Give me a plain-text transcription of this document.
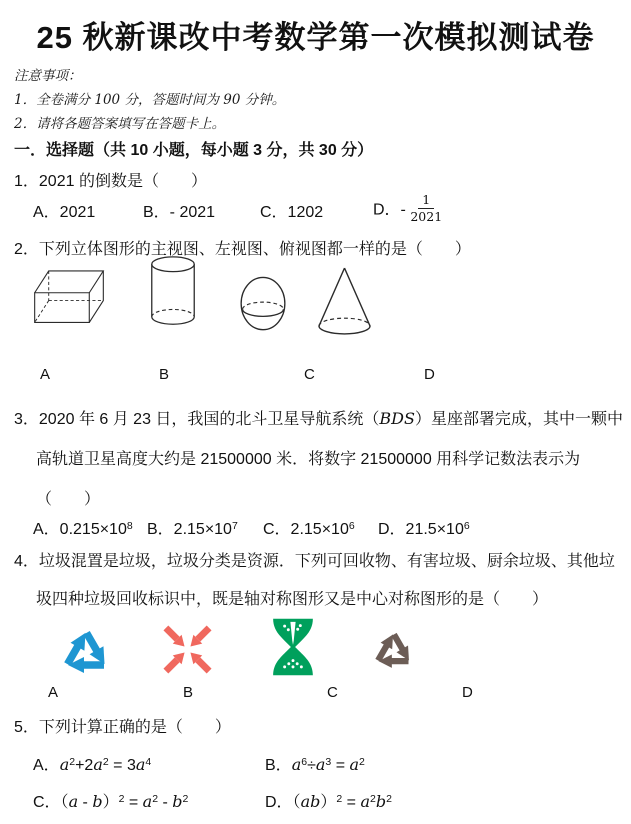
25 秋新课改中考数学第一次模拟测试卷
注意事项：
1．全卷满分 100 分，答题时间为 90 分钟。
2．请将各题答案填写在答题卡上。
一．选择题（共 10 小题，每小题 3 分，共 30 分）
1．2021 的倒数是（　　）
A．2021	B．- 2021	C．1202	D．- $\frac{1}{2021}$
2．下列立体图形的主视图、左视图、俯视图都一样的是（　　）
A	B	C	D
3．2020 年 6 月 23 日，我国的北斗卫星导航系统（BDS）星座部署完成，其中一颗中
高轨道卫星高度大约是 21500000 米．将数字 21500000 用科学记数法表示为
（　　）
A．$0.215\times 10^8$ B．$2.15\times 10^7$ C．$2.15\times 10^6$ D．$21.5\times 10^6$
4．垃圾混置是垃圾，垃圾分类是资源．下列可回收物、有害垃圾、厨余垃圾、其他垃
圾四种垃圾回收标识中，既是轴对称图形又是中心对称图形的是（　　）
A	B	C	D
5．下列计算正确的是（　　）
A．$a^2+2a^2 = 3a^4$	B．$a^6\div a^3 = a^2$
C．$(a - b)^2 = a^2 - b^2$	D．$(ab)^2 = a^2b^2$
